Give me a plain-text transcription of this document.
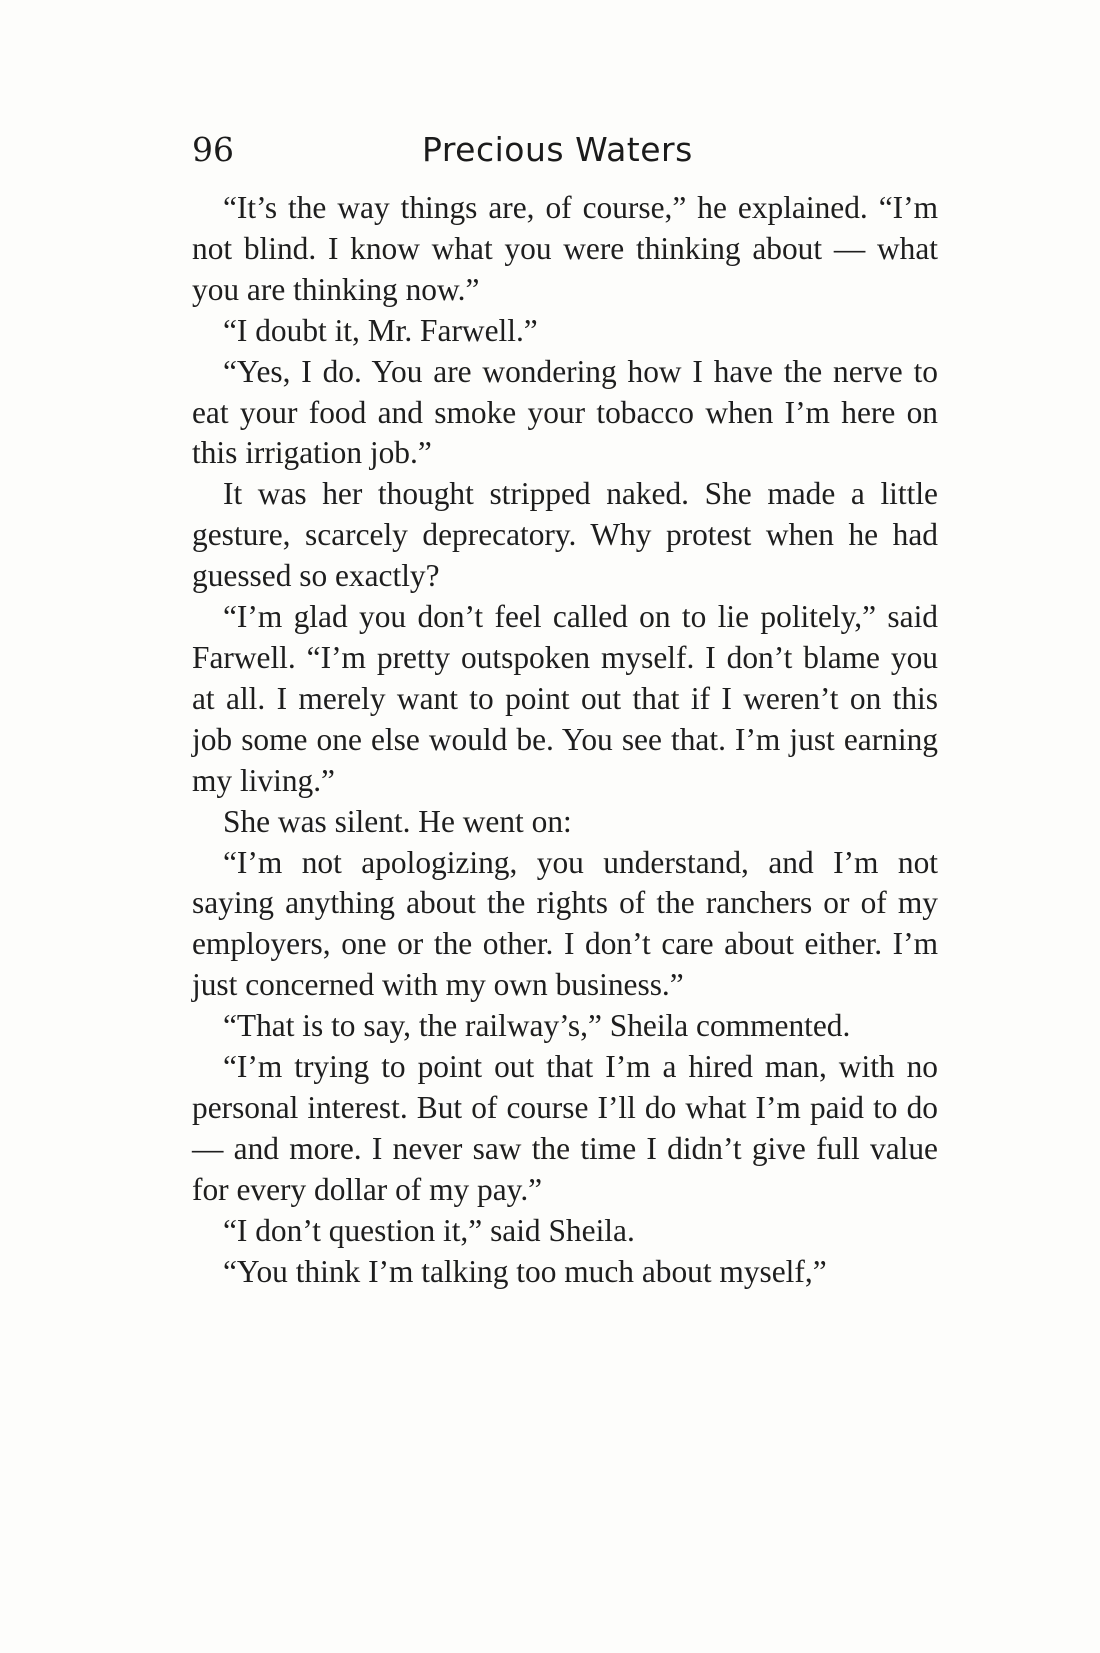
96	Precious Waters

“It’s the way things are, of course,” he explained. “I’m not blind. I know what you were thinking about — what you are thinking now.”

“I doubt it, Mr. Farwell.”

“Yes, I do. You are wondering how I have the nerve to eat your food and smoke your tobacco when I’m here on this irrigation job.”

It was her thought stripped naked. She made a little gesture, scarcely deprecatory. Why protest when he had guessed so exactly?

“I’m glad you don’t feel called on to lie politely,” said Farwell. “I’m pretty outspoken myself. I don’t blame you at all. I merely want to point out that if I weren’t on this job some one else would be. You see that. I’m just earning my living.”

She was silent. He went on:

“I’m not apologizing, you understand, and I’m not saying anything about the rights of the ranchers or of my employers, one or the other. I don’t care about either. I’m just concerned with my own business.”

“That is to say, the railway’s,” Sheila commented.

“I’m trying to point out that I’m a hired man, with no personal interest. But of course I’ll do what I’m paid to do — and more. I never saw the time I didn’t give full value for every dollar of my pay.”

“I don’t question it,” said Sheila.

“You think I’m talking too much about myself,”
